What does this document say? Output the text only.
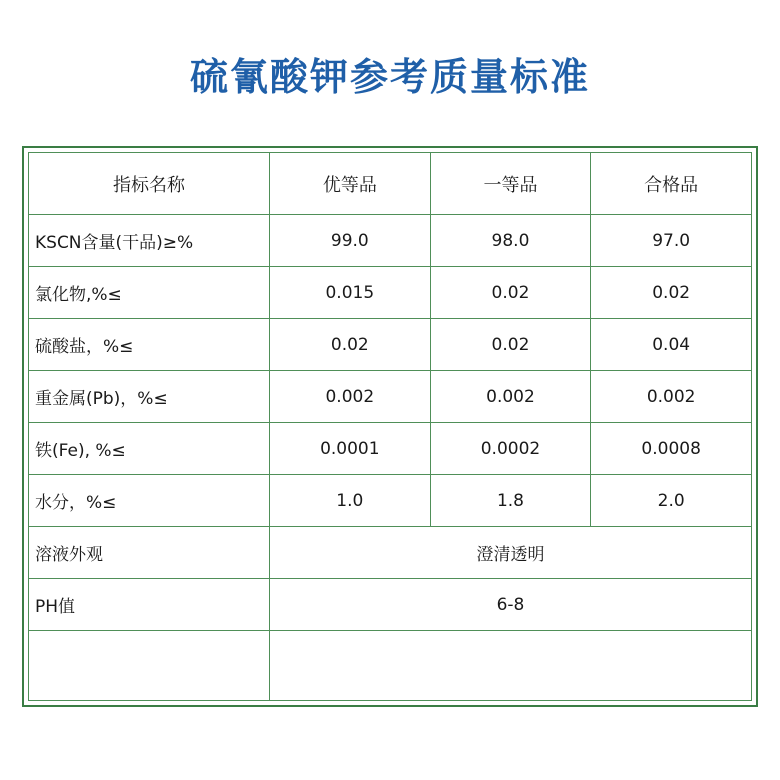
硫氰酸钾参考质量标准
指标名称	优等品	一等品	合格品
KSCN含量(干品)≥%	99.0	98.0	97.0
氯化物,%≤	0.015	0.02	0.02
硫酸盐，%≤	0.02	0.02	0.04
重金属(Pb)，%≤	0.002	0.002	0.002
铁(Fe), %≤	0.0001	0.0002	0.0008
水分，%≤	1.0	1.8	2.0
溶液外观	澄清透明		
PH值	6-8		
